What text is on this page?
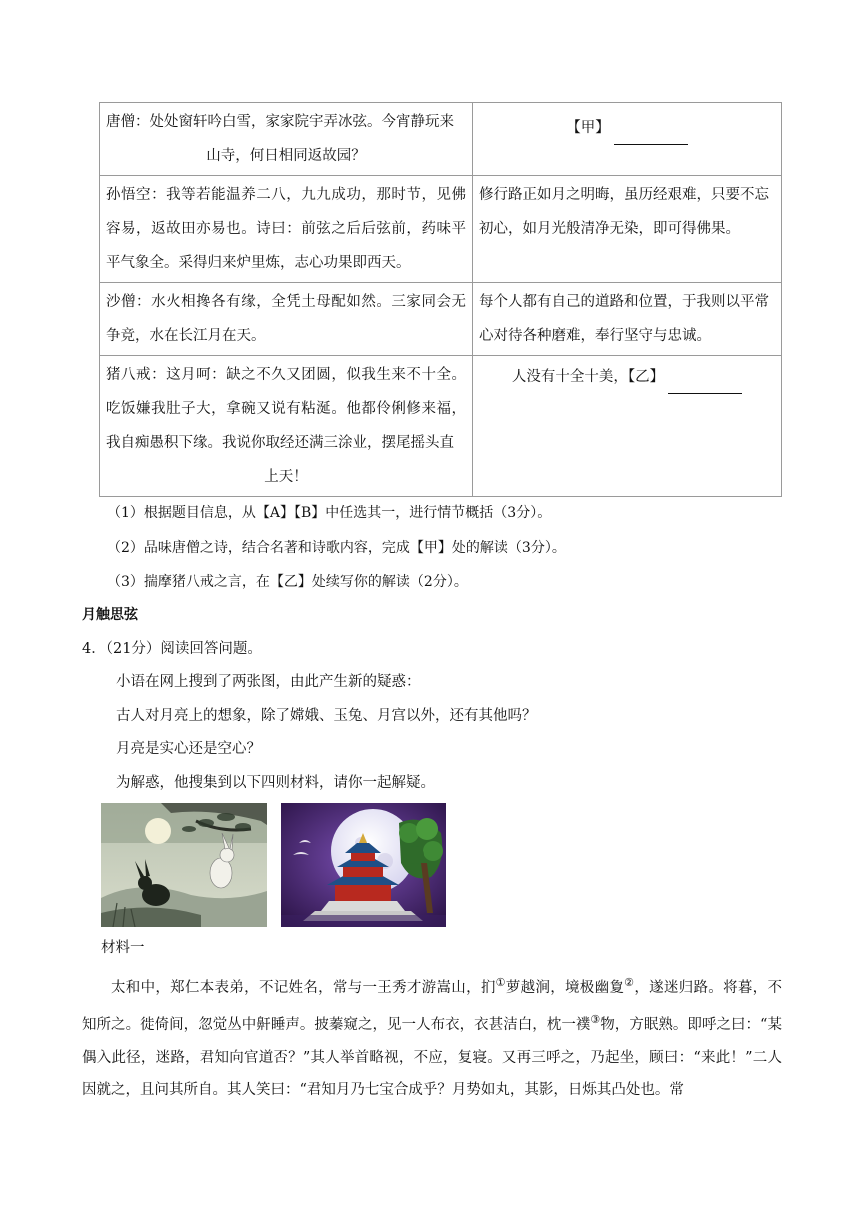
唐僧：处处窗轩吟白雪，家家院宇弄冰弦。今宵静玩来
山寺，何日相同返故园？	【甲】
孙悟空：我等若能温养二八，九九成功，那时节，见佛容易，返故田亦易也。诗曰：前弦之后后弦前，药味平平气象全。采得归来炉里炼，志心功果即西天。	修行路正如月之明晦，虽历经艰难，只要不忘初心，如月光般清净无染，即可得佛果。
沙僧：水火相搀各有缘，全凭土母配如然。三家同会无争竞，水在长江月在天。	每个人都有自己的道路和位置，于我则以平常心对待各种磨难，奉行坚守与忠诚。
猪八戒：这月呵：缺之不久又团圆，似我生来不十全。吃饭嫌我肚子大，拿碗又说有粘涎。他都伶俐修来福，我自痴愚积下缘。我说你取经还满三涂业，摆尾摇头直
上天！	人没有十全十美，【乙】
（1）根据题目信息，从【A】【B】中任选其一，进行情节概括（3分）。
（2）品味唐僧之诗，结合名著和诗歌内容，完成【甲】处的解读（3分）。
（3）揣摩猪八戒之言，在【乙】处续写你的解读（2分）。
月触思弦
4．（21分）阅读回答问题。
小语在网上搜到了两张图，由此产生新的疑惑：
古人对月亮上的想象，除了嫦娥、玉兔、月宫以外，还有其他吗？
月亮是实心还是空心？
为解惑，他搜集到以下四则材料，请你一起解疑。
材料一
太和中，郑仁本表弟，不记姓名，常与一王秀才游嵩山，扪①萝越涧，境极幽夐②，遂迷归路。将暮，不知所之。徙倚间，忽觉丛中鼾睡声。披蓁窥之，见一人布衣，衣甚洁白，枕一襆③物，方眠熟。即呼之曰：“某偶入此径，迷路，君知向官道否？”其人举首略视，不应，复寝。又再三呼之，乃起坐，顾曰：“来此！”二人因就之，且问其所自。其人笑曰：“君知月乃七宝合成乎？月势如丸，其影，日烁其凸处也。常
